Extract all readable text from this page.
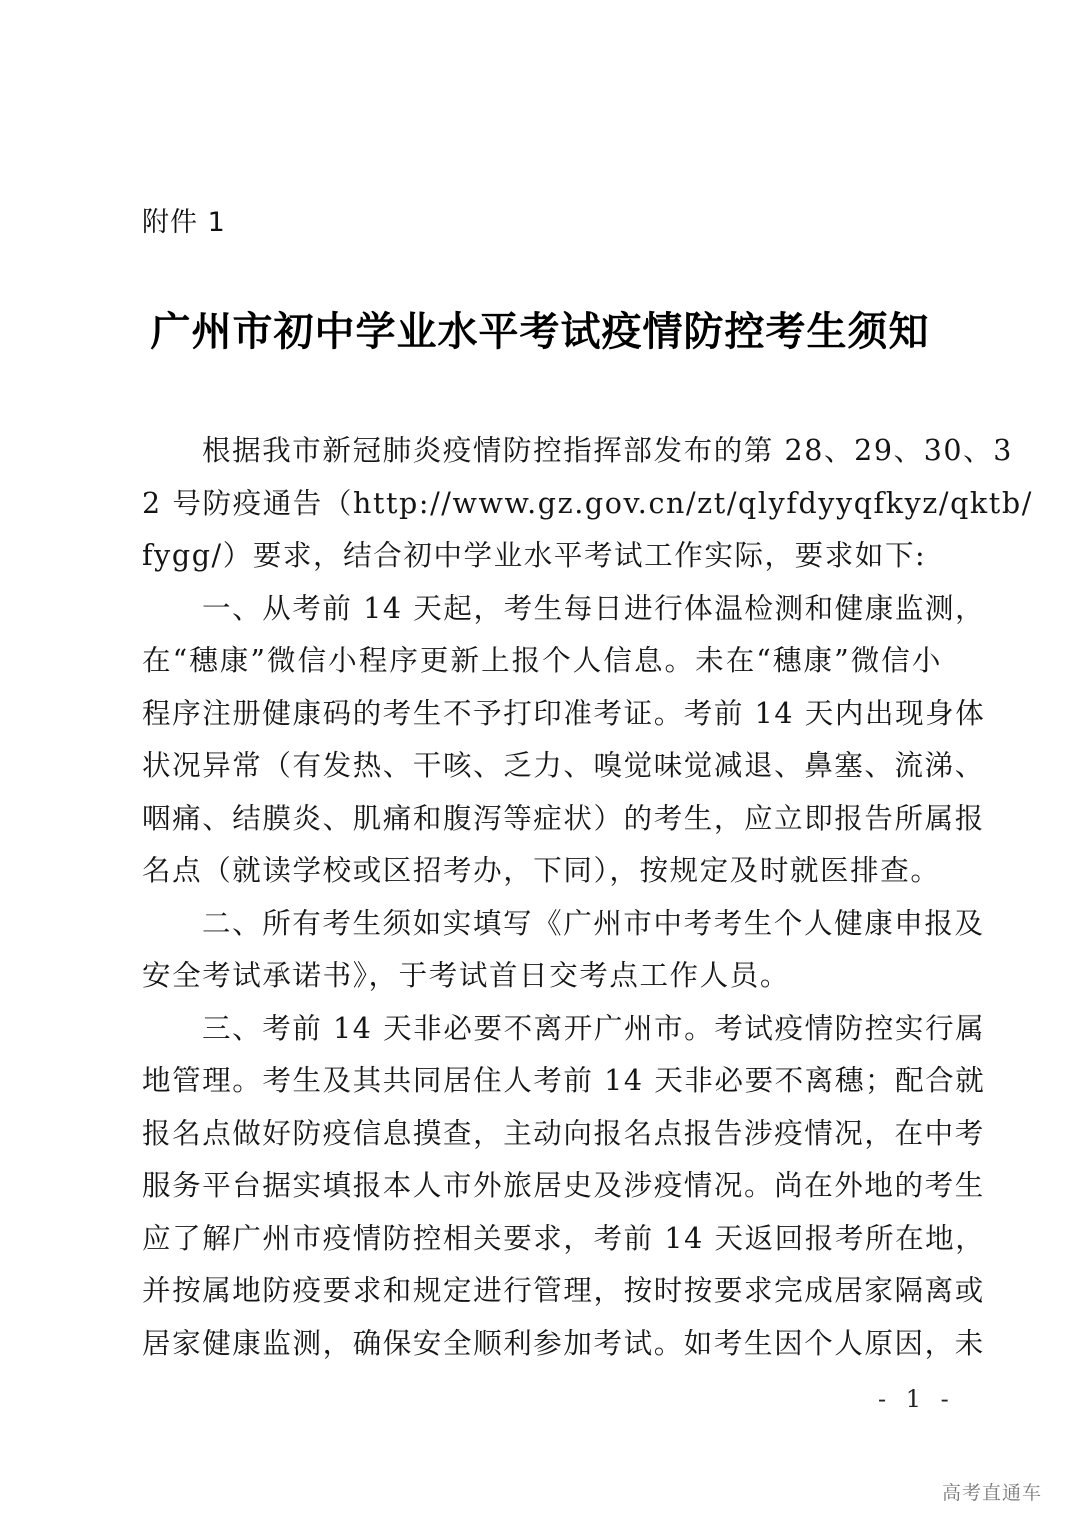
附件 1
广州市初中学业水平考试疫情防控考生须知
根据我市新冠肺炎疫情防控指挥部发布的第 28、29、30、3
2 号防疫通告（http://www.gz.gov.cn/zt/qlyfdyyqfkyz/qktb/
fygg/）要求，结合初中学业水平考试工作实际，要求如下:
一、从考前 14 天起，考生每日进行体温检测和健康监测，
在“穗康”微信小程序更新上报个人信息。未在“穗康”微信小
程序注册健康码的考生不予打印准考证。考前 14 天内出现身体
状况异常（有发热、干咳、乏力、嗅觉味觉减退、鼻塞、流涕、
咽痛、结膜炎、肌痛和腹泻等症状）的考生，应立即报告所属报
名点（就读学校或区招考办，下同），按规定及时就医排查。
二、所有考生须如实填写《广州市中考考生个人健康申报及
安全考试承诺书》，于考试首日交考点工作人员。
三、考前 14 天非必要不离开广州市。考试疫情防控实行属
地管理。考生及其共同居住人考前 14 天非必要不离穗；配合就
报名点做好防疫信息摸查，主动向报名点报告涉疫情况，在中考
服务平台据实填报本人市外旅居史及涉疫情况。尚在外地的考生
应了解广州市疫情防控相关要求，考前 14 天返回报考所在地，
并按属地防疫要求和规定进行管理，按时按要求完成居家隔离或
居家健康监测，确保安全顺利参加考试。如考生因个人原因，未
- 1 -
高考直通车
